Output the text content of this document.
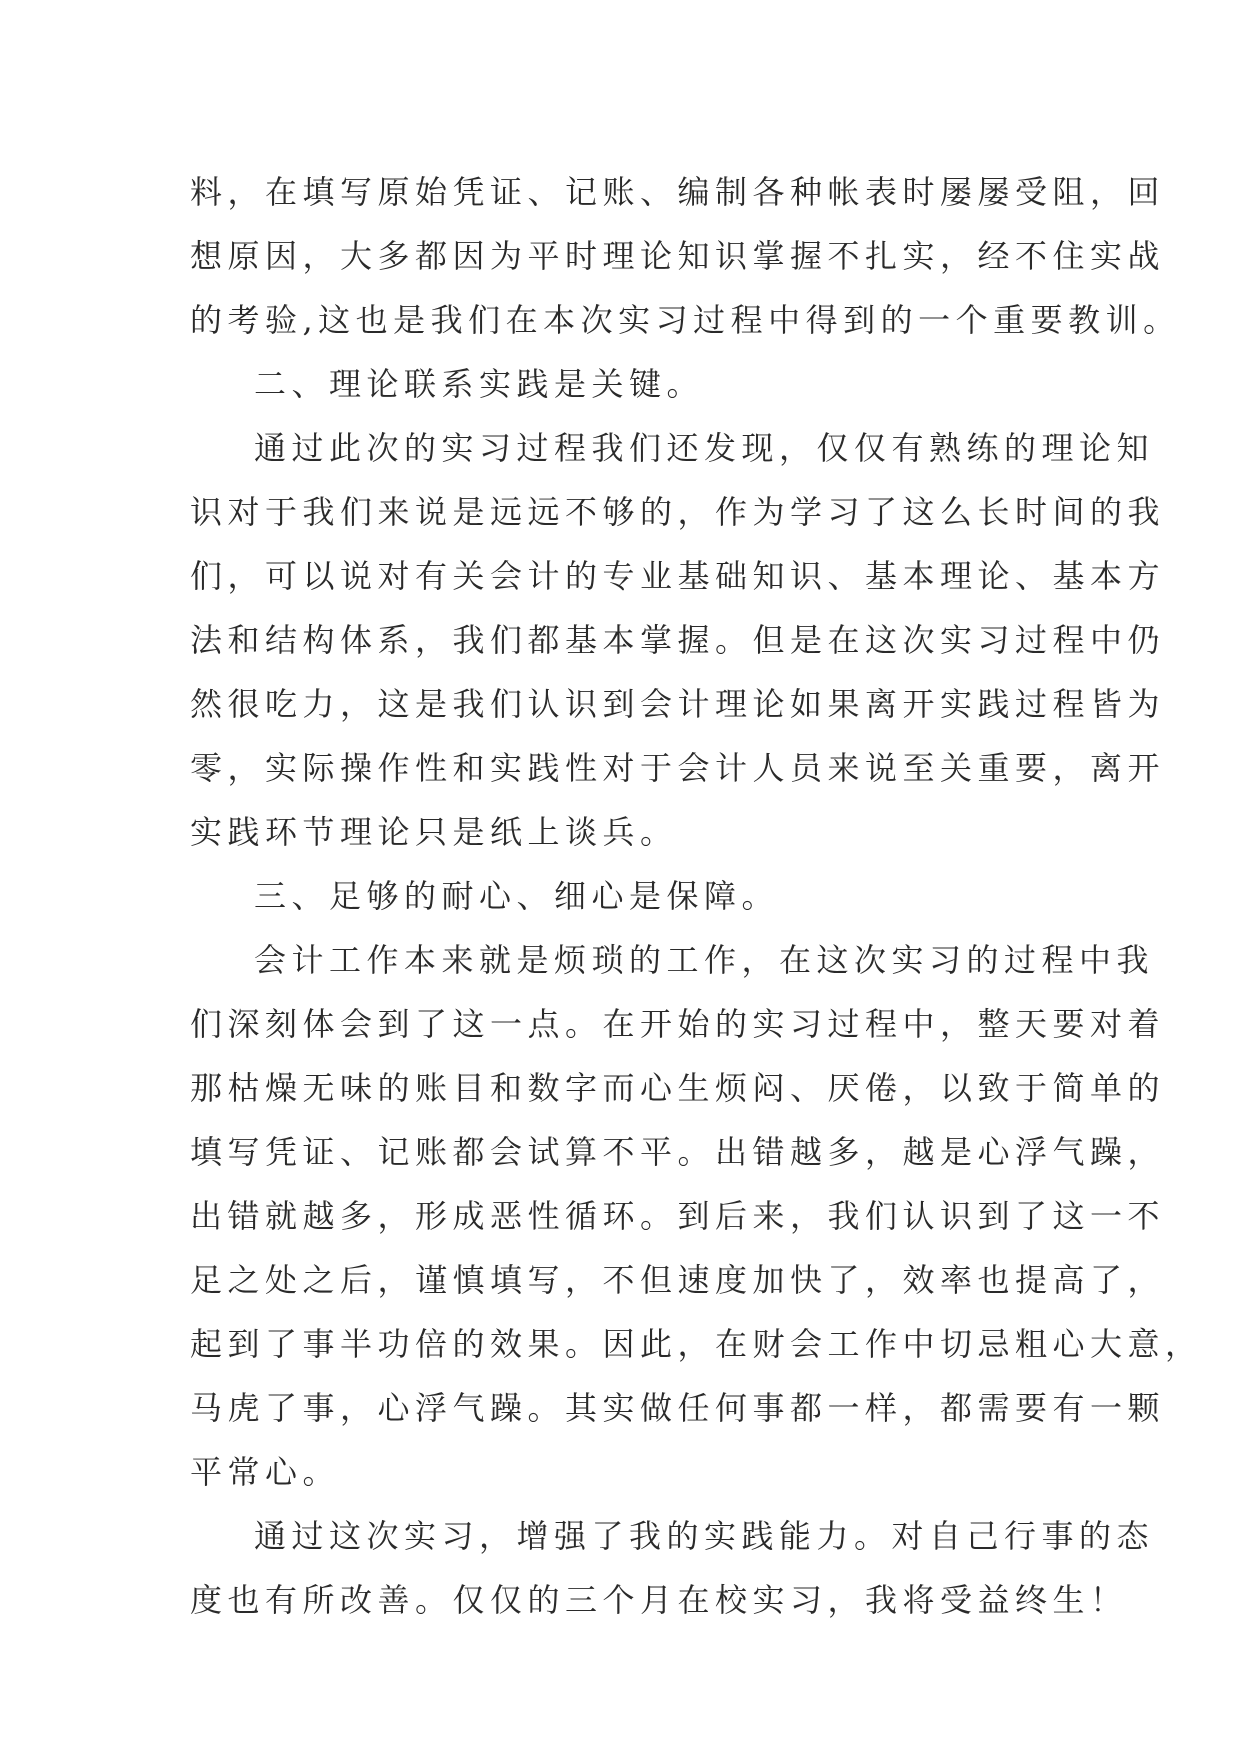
料，在填写原始凭证、记账、编制各种帐表时屡屡受阻，回
想原因，大多都因为平时理论知识掌握不扎实，经不住实战
的考验,这也是我们在本次实习过程中得到的一个重要教训。
二、理论联系实践是关键。
通过此次的实习过程我们还发现，仅仅有熟练的理论知
识对于我们来说是远远不够的，作为学习了这么长时间的我
们，可以说对有关会计的专业基础知识、基本理论、基本方
法和结构体系，我们都基本掌握。但是在这次实习过程中仍
然很吃力，这是我们认识到会计理论如果离开实践过程皆为
零，实际操作性和实践性对于会计人员来说至关重要，离开
实践环节理论只是纸上谈兵。
三、足够的耐心、细心是保障。
会计工作本来就是烦琐的工作，在这次实习的过程中我
们深刻体会到了这一点。在开始的实习过程中，整天要对着
那枯燥无味的账目和数字而心生烦闷、厌倦，以致于简单的
填写凭证、记账都会试算不平。出错越多，越是心浮气躁，
出错就越多，形成恶性循环。到后来，我们认识到了这一不
足之处之后，谨慎填写，不但速度加快了，效率也提高了，
起到了事半功倍的效果。因此，在财会工作中切忌粗心大意，
马虎了事，心浮气躁。其实做任何事都一样，都需要有一颗
平常心。
通过这次实习，增强了我的实践能力。对自己行事的态
度也有所改善。仅仅的三个月在校实习，我将受益终生！
